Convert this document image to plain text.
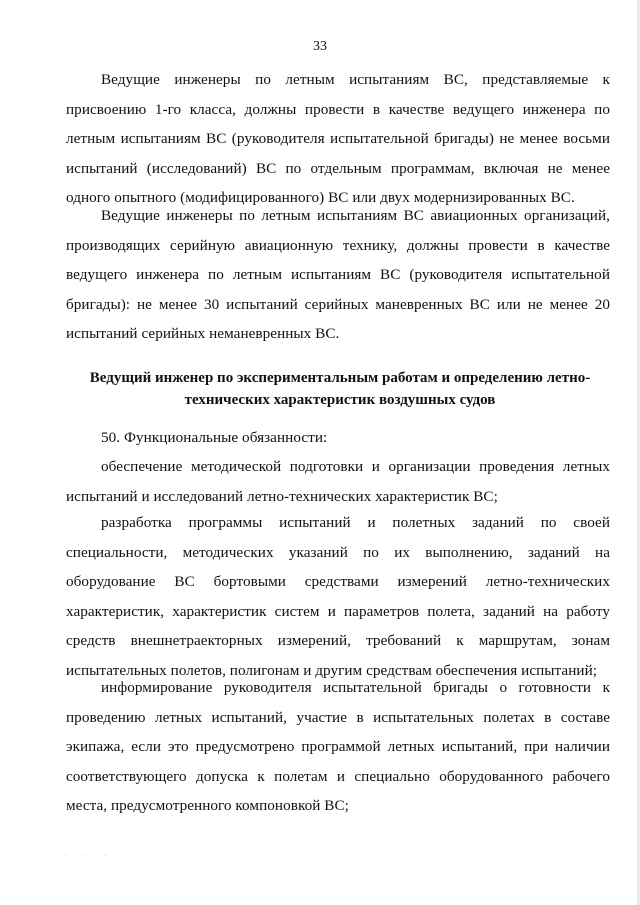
33

Ведущие инженеры по летным испытаниям ВС, представляемые к присвоению 1-го класса, должны провести в качестве ведущего инженера по летным испытаниям ВС (руководителя испытательной бригады) не менее восьми испытаний (исследований) ВС по отдельным программам, включая не менее одного опытного (модифицированного) ВС или двух модернизированных ВС.

Ведущие инженеры по летным испытаниям ВС авиационных организаций, производящих серийную авиационную технику, должны провести в качестве ведущего инженера по летным испытаниям ВС (руководителя испытательной бригады): не менее 30 испытаний серийных маневренных ВС или не менее 20 испытаний серийных неманевренных ВС.

Ведущий инженер по экспериментальным работам и определению летно-
технических характеристик воздушных судов

50. Функциональные обязанности:

обеспечение методической подготовки и организации проведения летных испытаний и исследований летно-технических характеристик ВС;

разработка программы испытаний и полетных заданий по своей специальности, методических указаний по их выполнению, заданий на оборудование ВС бортовыми средствами измерений летно-технических характеристик, характеристик систем и параметров полета, заданий на работу средств внешнетраекторных измерений, требований к маршрутам, зонам испытательных полетов, полигонам и другим средствам обеспечения испытаний;

информирование руководителя испытательной бригады о готовности к проведению летных испытаний, участие в испытательных полетах в составе экипажа, если это предусмотрено программой летных испытаний, при наличии соответствующего допуска к полетам и специально оборудованного рабочего места, предусмотренного компоновкой ВС;

· · ·
